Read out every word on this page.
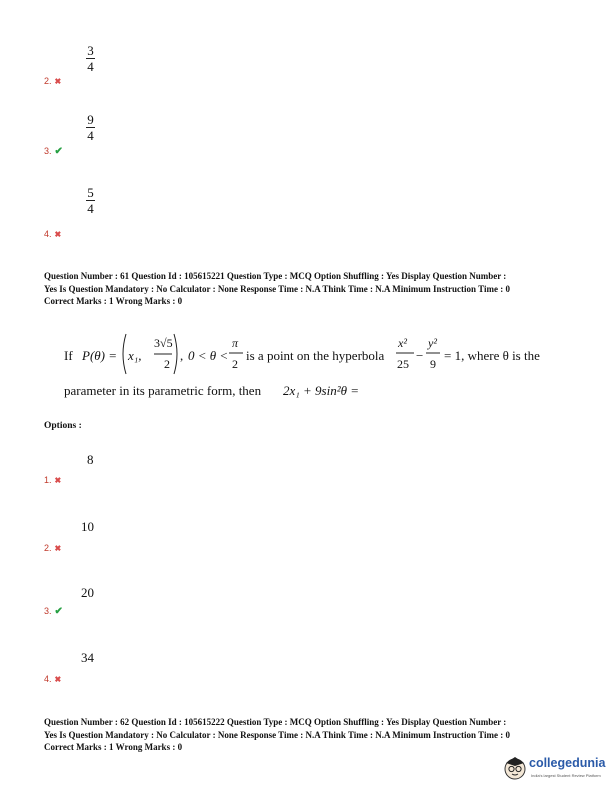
3
4
2. ✖
9
4
3. ✔
5
4
4. ✖
Question Number : 61 Question Id : 105615221 Question Type : MCQ Option Shuffling : Yes Display Question Number :
Yes Is Question Mandatory : No Calculator : None Response Time : N.A Think Time : N.A Minimum Instruction Time : 0
Correct Marks : 1 Wrong Marks : 0
If P(θ) = x₁,
3√5
2
, 0 < θ <
π
2
is a point on the hyperbola
x²
25
−
y²
9
= 1, where θ is the
parameter in its parametric form, then 2x₁ + 9sin²θ =
Options :
8
1. ✖
10
2. ✖
20
3. ✔
34
4. ✖
Question Number : 62 Question Id : 105615222 Question Type : MCQ Option Shuffling : Yes Display Question Number :
Yes Is Question Mandatory : No Calculator : None Response Time : N.A Think Time : N.A Minimum Instruction Time : 0
Correct Marks : 1 Wrong Marks : 0
collegedunia
India's largest Student Review Platform
